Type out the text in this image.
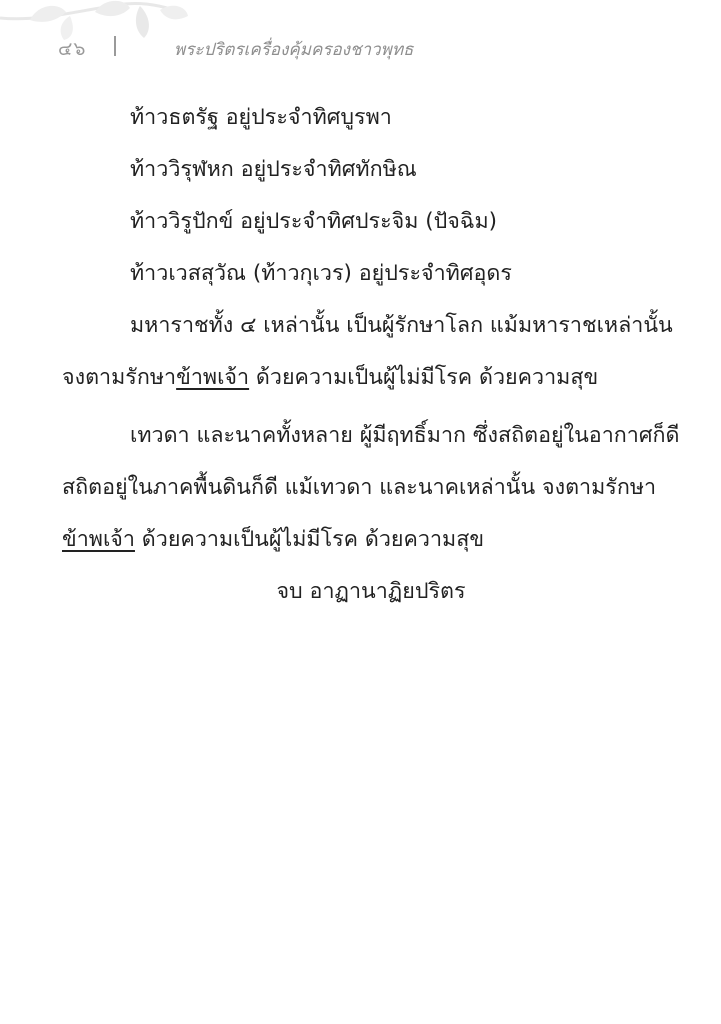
๔๖	พระปริตรเครื่องคุ้มครองชาวพุทธ
ท้าวธตรัฐ อยู่ประจำทิศบูรพา
ท้าววิรุฬหก อยู่ประจำทิศทักษิณ
ท้าววิรูปักข์ อยู่ประจำทิศประจิม (ปัจฉิม)
ท้าวเวสสุวัณ (ท้าวกุเวร) อยู่ประจำทิศอุดร
มหาราชทั้ง ๔ เหล่านั้น เป็นผู้รักษาโลก แม้มหาราชเหล่านั้น
จงตามรักษาข้าพเจ้า ด้วยความเป็นผู้ไม่มีโรค ด้วยความสุข
เทวดา และนาคทั้งหลาย ผู้มีฤทธิ์มาก ซึ่งสถิตอยู่ในอากาศก็ดี
สถิตอยู่ในภาคพื้นดินก็ดี แม้เทวดา และนาคเหล่านั้น จงตามรักษา
ข้าพเจ้า ด้วยความเป็นผู้ไม่มีโรค ด้วยความสุข
จบ อาฏานาฏิยปริตร
